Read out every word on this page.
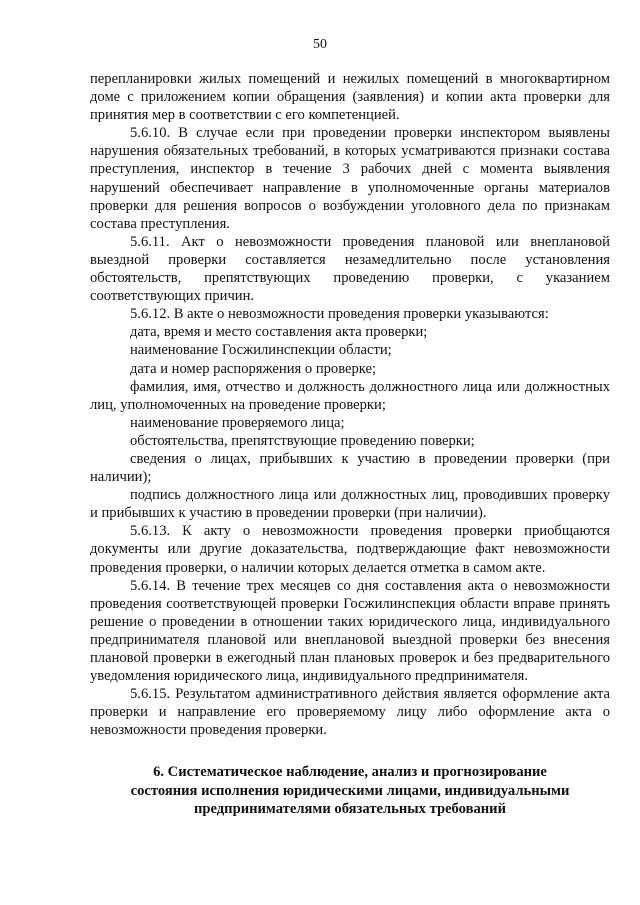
50

перепланировки жилых помещений и нежилых помещений в многоквартирном доме с приложением копии обращения (заявления) и копии акта проверки для принятия мер в соответствии с его компетенцией.

5.6.10. В случае если при проведении проверки инспектором выявлены нарушения обязательных требований, в которых усматриваются признаки состава преступления, инспектор в течение 3 рабочих дней с момента выявления нарушений обеспечивает направление в уполномоченные органы материалов проверки для решения вопросов о возбуждении уголовного дела по признакам состава преступления.

5.6.11. Акт о невозможности проведения плановой или внеплановой выездной проверки составляется незамедлительно после установления обстоятельств, препятствующих проведению проверки, с указанием соответствующих причин.

5.6.12. В акте о невозможности проведения проверки указываются:

дата, время и место составления акта проверки;

наименование Госжилинспекции области;

дата и номер распоряжения о проверке;

фамилия, имя, отчество и должность должностного лица или должностных лиц, уполномоченных на проведение проверки;

наименование проверяемого лица;

обстоятельства, препятствующие проведению поверки;

сведения о лицах, прибывших к участию в проведении проверки (при наличии);

подпись должностного лица или должностных лиц, проводивших проверку и прибывших к участию в проведении проверки (при наличии).

5.6.13. К акту о невозможности проведения проверки приобщаются документы или другие доказательства, подтверждающие факт невозможности проведения проверки, о наличии которых делается отметка в самом акте.

5.6.14. В течение трех месяцев со дня составления акта о невозможности проведения соответствующей проверки Госжилинспекция области вправе принять решение о проведении в отношении таких юридического лица, индивидуального предпринимателя плановой или внеплановой выездной проверки без внесения плановой проверки в ежегодный план плановых проверок и без предварительного уведомления юридического лица, индивидуального предпринимателя.

5.6.15. Результатом административного действия является оформление акта проверки и направление его проверяемому лицу либо оформление акта о невозможности проведения проверки.

6. Систематическое наблюдение, анализ и прогнозирование
состояния исполнения юридическими лицами, индивидуальными
предпринимателями обязательных требований
